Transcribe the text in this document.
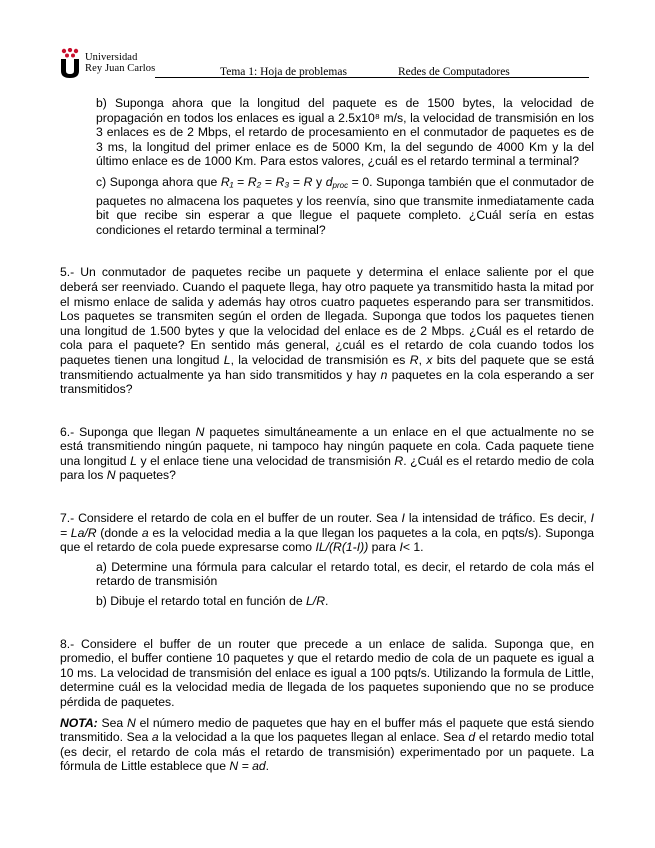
Universidad
Rey Juan Carlos	Tema 1: Hoja de problemas	Redes de Computadores

b) Suponga ahora que la longitud del paquete es de 1500 bytes, la velocidad de propagación en todos los enlaces es igual a 2.5x10⁸ m/s, la velocidad de transmisión en los 3 enlaces es de 2 Mbps, el retardo de procesamiento en el conmutador de paquetes es de 3 ms, la longitud del primer enlace es de 5000 Km, la del segundo de 4000 Km y la del último enlace es de 1000 Km. Para estos valores, ¿cuál es el retardo terminal a terminal?

c) Suponga ahora que R₁ = R₂ = R₃ = R y $d_{proc} = 0$. Suponga también que el conmutador de paquetes no almacena los paquetes y los reenvía, sino que transmite inmediatamente cada bit que recibe sin esperar a que llegue el paquete completo. ¿Cuál sería en estas condiciones el retardo terminal a terminal?

5.- Un conmutador de paquetes recibe un paquete y determina el enlace saliente por el que deberá ser reenviado. Cuando el paquete llega, hay otro paquete ya transmitido hasta la mitad por el mismo enlace de salida y además hay otros cuatro paquetes esperando para ser transmitidos. Los paquetes se transmiten según el orden de llegada. Suponga que todos los paquetes tienen una longitud de 1.500 bytes y que la velocidad del enlace es de 2 Mbps. ¿Cuál es el retardo de cola para el paquete? En sentido más general, ¿cuál es el retardo de cola cuando todos los paquetes tienen una longitud L, la velocidad de transmisión es R, x bits del paquete que se está transmitiendo actualmente ya han sido transmitidos y hay n paquetes en la cola esperando a ser transmitidos?

6.- Suponga que llegan N paquetes simultáneamente a un enlace en el que actualmente no se está transmitiendo ningún paquete, ni tampoco hay ningún paquete en cola. Cada paquete tiene una longitud L y el enlace tiene una velocidad de transmisión R. ¿Cuál es el retardo medio de cola para los N paquetes?

7.- Considere el retardo de cola en el buffer de un router. Sea I la intensidad de tráfico. Es decir, I = La/R (donde a es la velocidad media a la que llegan los paquetes a la cola, en pqts/s). Suponga que el retardo de cola puede expresarse como IL/(R(1-I)) para I< 1.

a) Determine una fórmula para calcular el retardo total, es decir, el retardo de cola más el retardo de transmisión

b) Dibuje el retardo total en función de L/R.

8.- Considere el buffer de un router que precede a un enlace de salida. Suponga que, en promedio, el buffer contiene 10 paquetes y que el retardo medio de cola de un paquete es igual a 10 ms. La velocidad de transmisión del enlace es igual a 100 pqts/s. Utilizando la formula de Little, determine cuál es la velocidad media de llegada de los paquetes suponiendo que no se produce pérdida de paquetes.

NOTA: Sea N el número medio de paquetes que hay en el buffer más el paquete que está siendo transmitido. Sea a la velocidad a la que los paquetes llegan al enlace. Sea d el retardo medio total (es decir, el retardo de cola más el retardo de transmisión) experimentado por un paquete. La fórmula de Little establece que N = ad.
